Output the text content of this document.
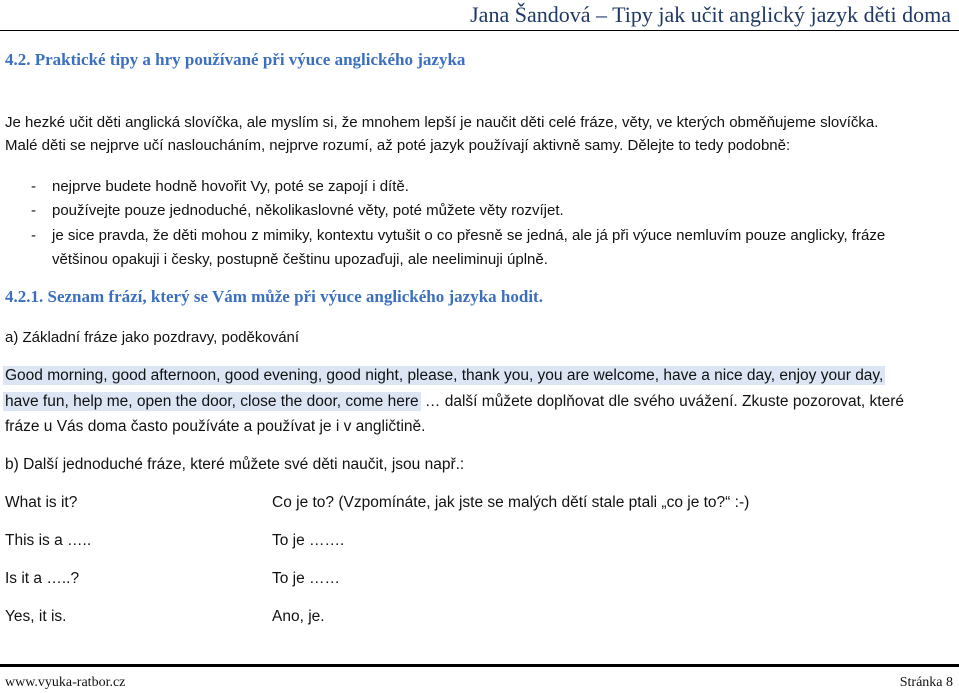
Jana Šandová – Tipy jak učit anglický jazyk děti doma
4.2. Praktické tipy a hry používané při výuce anglického jazyka
Je hezké učit děti anglická slovíčka, ale myslím si, že mnohem lepší je naučit děti celé fráze, věty, ve kterých obměňujeme slovíčka.
Malé děti se nejprve učí nasloucháním, nejprve rozumí, až poté jazyk používají aktivně samy. Dělejte to tedy podobně:
- nejprve budete hodně hovořit Vy, poté se zapojí i dítě.
- používejte pouze jednoduché, několikaslovné věty, poté můžete věty rozvíjet.
- je sice pravda, že děti mohou z mimiky, kontextu vytušit o co přesně se jedná, ale já při výuce nemluvím pouze anglicky, fráze
většinou opakuji i česky, postupně češtinu upozaďuji, ale neeliminuji úplně.
4.2.1. Seznam frází, který se Vám může při výuce anglického jazyka hodit.
a) Základní fráze jako pozdravy, poděkování
Good morning, good afternoon, good evening, good night, please, thank you, you are welcome, have a nice day, enjoy your day,
have fun, help me, open the door, close the door, come here … další můžete doplňovat dle svého uvážení. Zkuste pozorovat, které
fráze u Vás doma často používáte a používat je i v angličtině.
b) Další jednoduché fráze, které můžete své děti naučit, jsou např.:
What is it?	Co je to? (Vzpomínáte, jak jste se malých dětí stale ptali „co je to?“ :-)
This is a …..	To je …….
Is it a …..?	To je ……
Yes, it is.	Ano, je.
www.vyuka-ratbor.cz	Stránka 8
